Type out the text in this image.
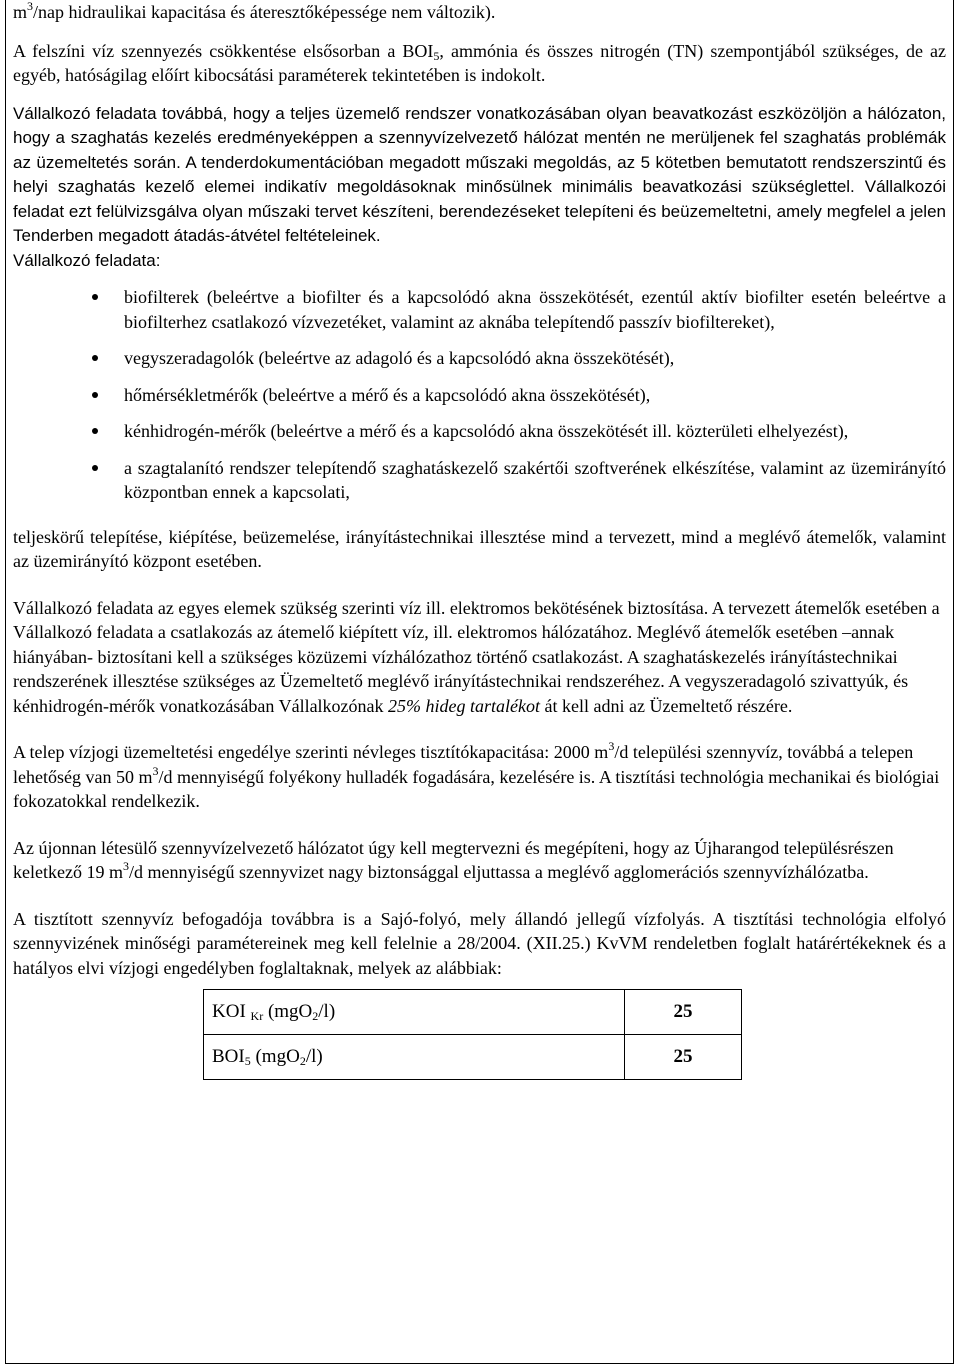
$m^3$/nap hidraulikai kapacitása és áteresztőképessége nem változik).

A felszíni víz szennyezés csökkentése elsősorban a $BOI_5$, ammónia és összes nitrogén (TN) szempontjából szükséges, de az egyéb, hatóságilag előírt kibocsátási paraméterek tekintetében is indokolt.

Vállalkozó feladata továbbá, hogy a teljes üzemelő rendszer vonatkozásában olyan beavatkozást eszközöljön a hálózaton, hogy a szaghatás kezelés eredményeképpen a szennyvízelvezető hálózat mentén ne merüljenek fel szaghatás problémák az üzemeltetés során. A tenderdokumentációban megadott műszaki megoldás, az 5 kötetben bemutatott rendszerszintű és helyi szaghatás kezelő elemei indikatív megoldásoknak minősülnek minimális beavatkozási szükséglettel. Vállalkozói feladat ezt felülvizsgálva olyan műszaki tervet készíteni, berendezéseket telepíteni és beüzemeltetni, amely megfelel a jelen Tenderben megadott átadás-átvétel feltételeinek.

Vállalkozó feladata:

biofilterek (beleértve a biofilter és a kapcsolódó akna összekötését, ezentúl aktív biofilter esetén beleértve a biofilterhez csatlakozó vízvezetéket, valamint az aknába telepítendő passzív biofiltereket),
vegyszeradagolók (beleértve az adagoló és a kapcsolódó akna összekötését),
hőmérsékletmérők (beleértve a mérő és a kapcsolódó akna összekötését),
kénhidrogén-mérők (beleértve a mérő és a kapcsolódó akna összekötését ill. közterületi elhelyezést),
a szagtalanító rendszer telepítendő szaghatáskezelő szakértői szoftverének elkészítése, valamint az üzemirányító központban ennek a kapcsolati,

teljeskörű telepítése, kiépítése, beüzemelése, irányítástechnikai illesztése mind a tervezett, mind a meglévő átemelők, valamint az üzemirányító központ esetében.

Vállalkozó feladata az egyes elemek szükség szerinti víz ill. elektromos bekötésének biztosítása. A tervezett átemelők esetében a Vállalkozó feladata a csatlakozás az átemelő kiépített víz, ill. elektromos hálózatához. Meglévő átemelők esetében –annak hiányában- biztosítani kell a szükséges közüzemi vízhálózathoz történő csatlakozást. A szaghatáskezelés irányítástechnikai rendszerének illesztése szükséges az Üzemeltető meglévő irányítástechnikai rendszeréhez. A vegyszeradagoló szivattyúk, és kénhidrogén-mérők vonatkozásában Vállalkozónak 25% hideg tartalékot át kell adni az Üzemeltető részére.

A telep vízjogi üzemeltetési engedélye szerinti névleges tisztítókapacitása: 2000 $m^3/d$ települési szennyvíz, továbbá a telepen lehetőség van 50 $m^3/d$ mennyiségű folyékony hulladék fogadására, kezelésére is. A tisztítási technológia mechanikai és biológiai fokozatokkal rendelkezik.

Az újonnan létesülő szennyvízelvezető hálózatot úgy kell megtervezni és megépíteni, hogy az Újharangod településrészen keletkező 19 $m^3/d$ mennyiségű szennyvizet nagy biztonsággal eljuttassa a meglévő agglomerációs szennyvízhálózatba.

A tisztított szennyvíz befogadója továbbra is a Sajó-folyó, mely állandó jellegű vízfolyás. A tisztítási technológia elfolyó szennyvizének minőségi paramétereinek meg kell felelnie a 28/2004. (XII.25.) KvVM rendeletben foglalt határértékeknek és a hatályos elvi vízjogi engedélyben foglaltaknak, melyek az alábbiak:

KOI $_{Kr}$ (mgO$_2$/l)	25
$BOI_5$ (mgO$_2$/l)	25
